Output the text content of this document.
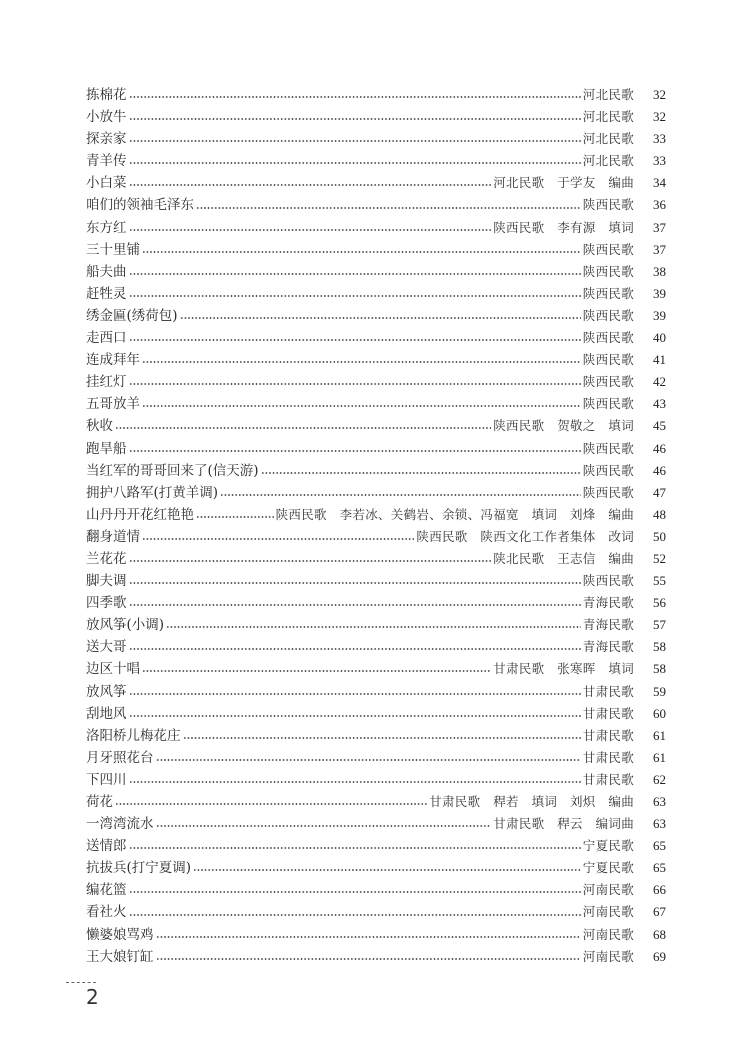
拣棉花	河北民歌	32
小放牛	河北民歌	32
探亲家	河北民歌	33
青羊传	河北民歌	33
小白菜	河北民歌　于学友　编曲	34
咱们的领袖毛泽东	陕西民歌	36
东方红	陕西民歌　李有源　填词	37
三十里铺	陕西民歌	37
船夫曲	陕西民歌	38
赶牲灵	陕西民歌	39
绣金匾(绣荷包)	陕西民歌	39
走西口	陕西民歌	40
连成拜年	陕西民歌	41
挂红灯	陕西民歌	42
五哥放羊	陕西民歌	43
秋收	陕西民歌　贺敬之　填词	45
跑旱船	陕西民歌	46
当红军的哥哥回来了(信天游)	陕西民歌	46
拥护八路军(打黄羊调)	陕西民歌	47
山丹丹开花红艳艳	陕西民歌　李若冰、关鹤岩、余锁、冯福宽　填词　刘烽　编曲	48
翻身道情	陕西民歌　陕西文化工作者集体　改词	50
兰花花	陕北民歌　王志信　编曲	52
脚夫调	陕西民歌	55
四季歌	青海民歌	56
放风筝(小调)	青海民歌	57
送大哥	青海民歌	58
边区十唱	甘肃民歌　张寒晖　填词	58
放风筝	甘肃民歌	59
刮地风	甘肃民歌	60
洛阳桥儿梅花庄	甘肃民歌	61
月牙照花台	甘肃民歌	61
下四川	甘肃民歌	62
荷花	甘肃民歌　稈若　填词　刘炽　编曲	63
一湾湾流水	甘肃民歌　稈云　编词曲	63
送情郎	宁夏民歌	65
抗拔兵(打宁夏调)	宁夏民歌	65
编花篮	河南民歌	66
看社火	河南民歌	67
懒婆娘骂鸡	河南民歌	68
王大娘钉缸	河南民歌	69
2
